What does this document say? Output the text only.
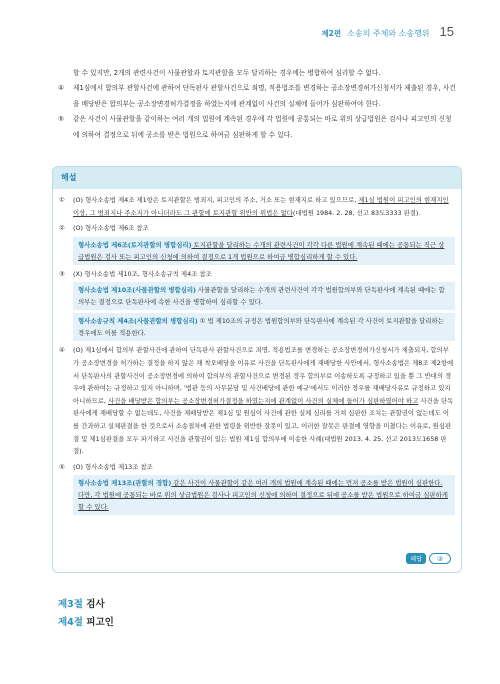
제2편 소송의 주체와 소송행위 15

할 수 있지만, 2개의 관련사건이 사물관할과 토지관할을 모두 달리하는 경우에는 병합하여 심리할 수 없다.

④ 제1심에서 합의부 관할사건에 관하여 단독판사 관할사건으로 죄명, 적용법조를 변경하는 공소장변경허가신청서가 제출된 경우, 사건을 배당받은 합의부는 공소장변경허가결정을 하였는지에 관계없이 사건의 실체에 들어가 심판하여야 한다.

⑤ 같은 사건이 사물관할을 같이하는 여러 개의 법원에 계속된 경우에 각 법원에 공통되는 바로 위의 상급법원은 검사나 피고인의 신청에 의하여 결정으로 뒤에 공소를 받은 법원으로 하여금 심판하게 할 수 있다.

해설
① (O) 형사소송법 제4조 제1항은 토지관할은 범죄지, 피고인의 주소, 거소 또는 현재지로 하고 있으므로, 제1심 법원이 피고인의 현재지인 이상, 그 범죄지나 주소지가 아니더라도 그 관할에 토지관할 위반의 위법은 없다(대법원 1984. 2. 28, 선고 83도3333 판결).
② (O) 형사소송법 제6조 참조
형사소송법 제6조(토지관할의 병합심리) 토지관할을 달리하는 수개의 관련사건이 각각 다른 법원에 계속된 때에는 공통되는 직근 상급법원은 검사 또는 피고인의 신청에 의하여 결정으로 1개 법원으로 하여금 병합심리하게 할 수 있다.
③ (X) 형사소송법 제10조, 형사소송규칙 제4조 참조
형사소송법 제10조(사물관할의 병합심리) 사물관할을 달리하는 수개의 관련사건이 각각 법원합의부와 단독판사에 계속된 때에는 합의부는 결정으로 단독판사에 속한 사건을 병합하여 심리할 수 있다.
형사소송규칙 제4조(사물관할의 병합심리) ① 법 제10조의 규정은 법원합의부와 단독판사에 계속된 각 사건이 토지관할을 달리하는 경우에도 이를 적용한다.
④ (O) 제1심에서 합의부 관할사건에 관하여 단독판사 관할사건으로 죄명, 적용법조를 변경하는 공소장변경허가신청서가 제출되자, 합의부가 공소장변경을 허가하는 결정을 하지 않은 채 착오배당을 이유로 사건을 단독판사에게 재배당한 사안에서, 형사소송법은 제8조 제2항에서 단독판사의 관할사건이 공소장변경에 의하여 합의부의 관할사건으로 변경된 경우 합의부로 이송하도록 규정하고 있을 뿐 그 반대의 경우에 관하여는 규정하고 있지 아니하며, '법관 등의 사무분담 및 사건배당에 관한 예규'에서도 이러한 경우를 재배당사유로 규정하고 있지 아니하므로, 사건을 배당받은 합의부는 공소장변경허가결정을 하였는지에 관계없이 사건의 실체에 들어가 심판하였어야 하고 사건을 단독판사에게 재배당할 수 없는데도, 사건을 재배당받은 제1심 및 원심이 사건에 관한 실체 심리를 거쳐 심판한 조치는 관할권이 없는데도 이를 간과하고 실체판결을 한 것으로서 소송절차에 관한 법령을 위반한 잘못이 있고, 이러한 잘못은 판결에 영향을 미쳤다는 이유로, 원심판결 및 제1심판결을 모두 파기하고 사건을 관할권이 있는 법원 제1심 합의부에 이송한 사례(대법원 2013. 4. 25, 선고 2013도1658 판결).
⑤ (O) 형사소송법 제13조 참조
형사소송법 제13조(관할의 경합) 같은 사건이 사물관할이 같은 여러 개의 법원에 계속된 때에는 먼저 공소를 받은 법원이 심판한다. 다만, 각 법원에 공통되는 바로 위의 상급법원은 검사나 피고인의 신청에 의하여 결정으로 뒤에 공소를 받은 법원으로 하여금 심판하게 할 수 있다.
해답	③
제3절 검사
제4절 피고인
